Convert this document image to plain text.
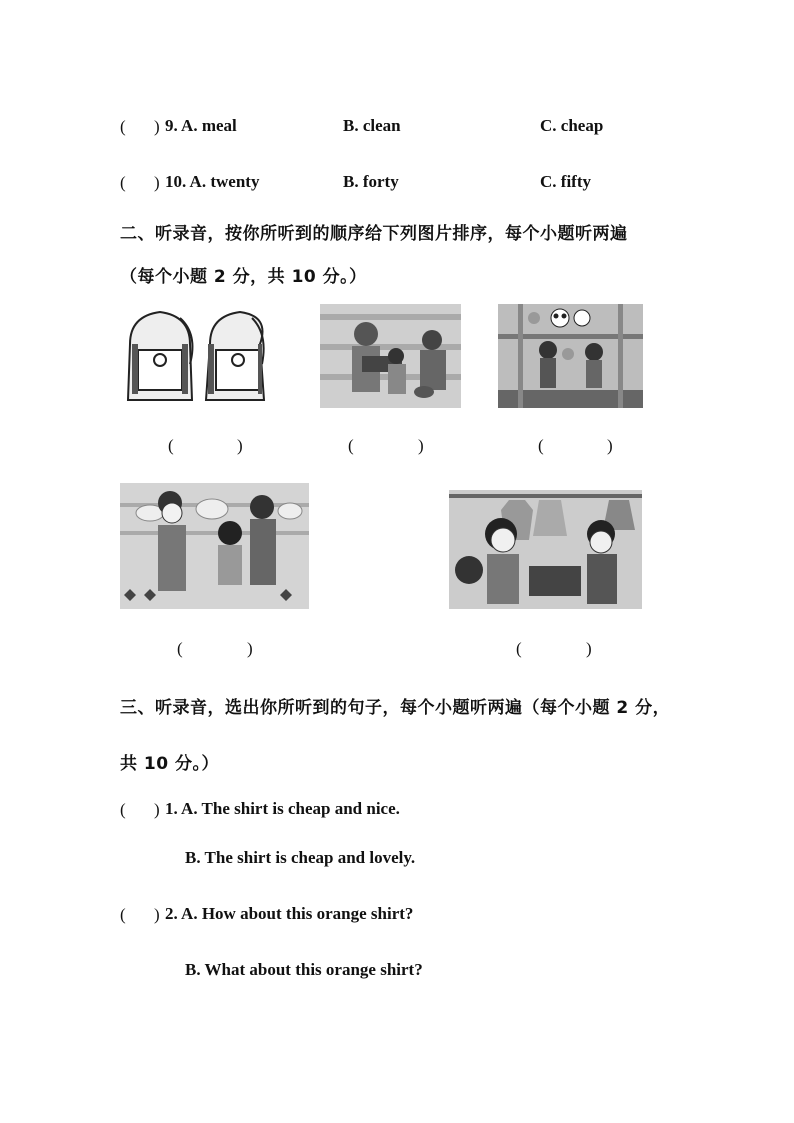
( ) 9. A. meal	B. clean	C. cheap
( ) 10. A. twenty	B. forty	C. fifty
二、听录音，按你所听到的顺序给下列图片排序，每个小题听两遍
（每个小题 2 分，共 10 分。）
(	)	(	)	(	)
(	)	(	)
三、听录音，选出你所听到的句子，每个小题听两遍（每个小题 2 分，
共 10 分。）
( ) 1. A. The shirt is cheap and nice.
B. The shirt is cheap and lovely.
( ) 2. A. How about this orange shirt?
B. What about this orange shirt?
